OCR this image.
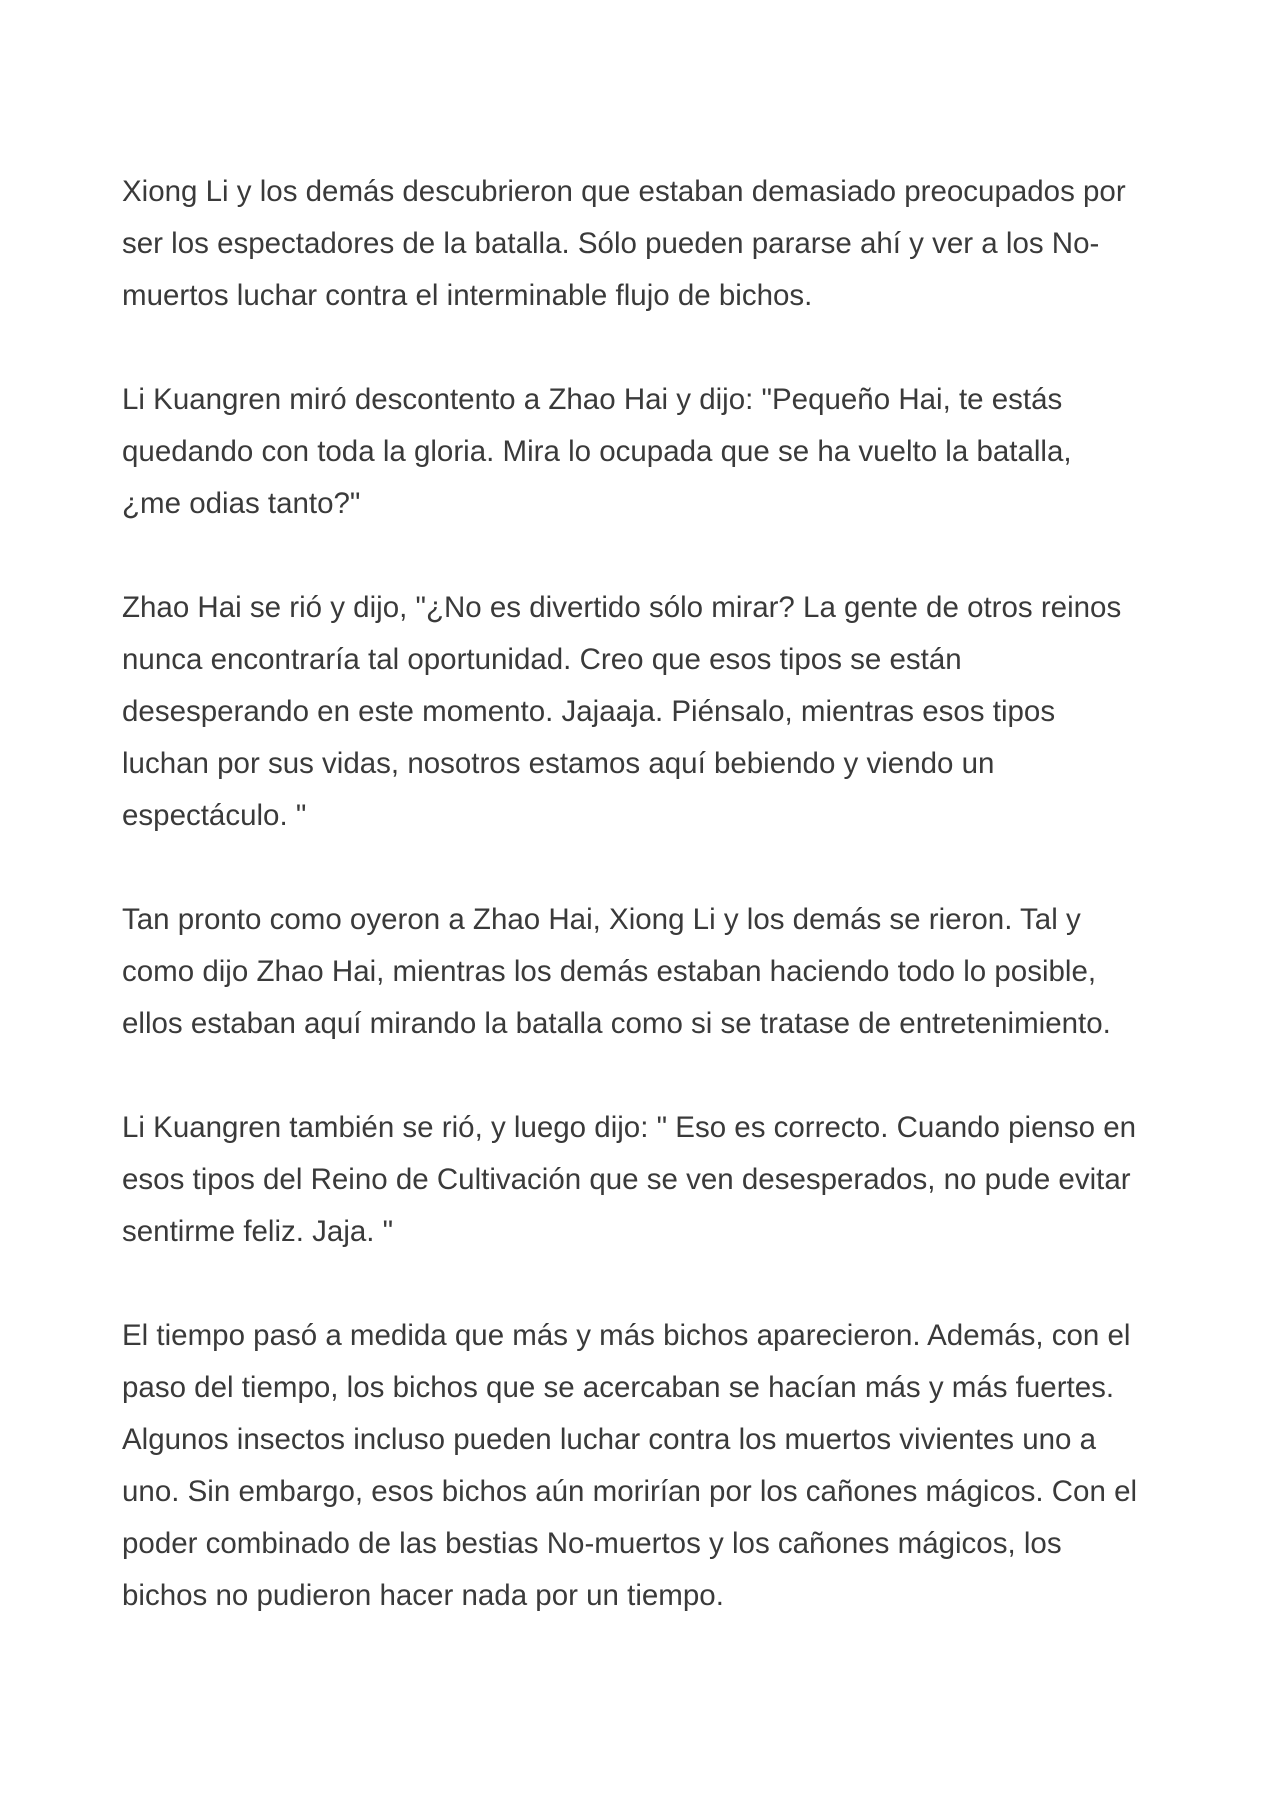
Xiong Li y los demás descubrieron que estaban demasiado preocupados por
ser los espectadores de la batalla. Sólo pueden pararse ahí y ver a los No-
muertos luchar contra el interminable flujo de bichos.

Li Kuangren miró descontento a Zhao Hai y dijo: "Pequeño Hai, te estás
quedando con toda la gloria. Mira lo ocupada que se ha vuelto la batalla,
¿me odias tanto?"

Zhao Hai se rió y dijo, "¿No es divertido sólo mirar? La gente de otros reinos
nunca encontraría tal oportunidad. Creo que esos tipos se están
desesperando en este momento. Jajaaja. Piénsalo, mientras esos tipos
luchan por sus vidas, nosotros estamos aquí bebiendo y viendo un
espectáculo. "

Tan pronto como oyeron a Zhao Hai, Xiong Li y los demás se rieron. Tal y
como dijo Zhao Hai, mientras los demás estaban haciendo todo lo posible,
ellos estaban aquí mirando la batalla como si se tratase de entretenimiento.

Li Kuangren también se rió, y luego dijo: " Eso es correcto. Cuando pienso en
esos tipos del Reino de Cultivación que se ven desesperados, no pude evitar
sentirme feliz. Jaja. "

El tiempo pasó a medida que más y más bichos aparecieron. Además, con el
paso del tiempo, los bichos que se acercaban se hacían más y más fuertes.
Algunos insectos incluso pueden luchar contra los muertos vivientes uno a
uno. Sin embargo, esos bichos aún morirían por los cañones mágicos. Con el
poder combinado de las bestias No-muertos y los cañones mágicos, los
bichos no pudieron hacer nada por un tiempo.
